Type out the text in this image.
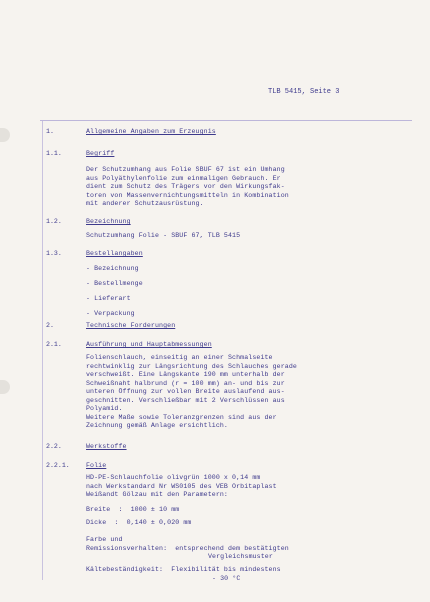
TLB 5415, Seite 3
1.	Allgemeine Angaben zum Erzeugnis
1.1.	Begriff
Der Schutzumhang aus Folie SBUF 67 ist ein Umhang
aus Polyäthylenfolie zum einmaligen Gebrauch. Er
dient zum Schutz des Trägers vor den Wirkungsfak-
toren von Massenvernichtungsmitteln in Kombination
mit anderer Schutzausrüstung.
1.2.	Bezeichnung
Schutzumhang Folie - SBUF 67, TLB 5415
1.3.	Bestellangaben
- Bezeichnung
- Bestellmenge
- Lieferart
- Verpackung
2.	Technische Forderungen
2.1.	Ausführung und Hauptabmessungen
Folienschlauch, einseitig an einer Schmalseite
rechtwinklig zur Längsrichtung des Schlauches gerade
verschweißt. Eine Längskante 190 mm unterhalb der
Schweißnaht halbrund (r = 100 mm) an- und bis zur
unteren Öffnung zur vollen Breite auslaufend aus-
geschnitten. Verschließbar mit 2 Verschlüssen aus
Polyamid.
Weitere Maße sowie Toleranzgrenzen sind aus der
Zeichnung gemäß Anlage ersichtlich.
2.2.	Werkstoffe
2.2.1. Folie
HD-PE-Schlauchfolie olivgrün 1000 x 0,14 mm
nach Werkstandard Nr WS0105 des VEB Orbitaplast
Weißandt Gölzau mit den Parametern:
Breite  :  1000 ± 10 mm
Dicke  :  0,140 ± 0,020 mm
Farbe und
Remissionsverhalten:  entsprechend dem bestätigten
Vergleichsmuster
Kältebeständigkeit:  Flexibilität bis mindestens
- 30 °C
